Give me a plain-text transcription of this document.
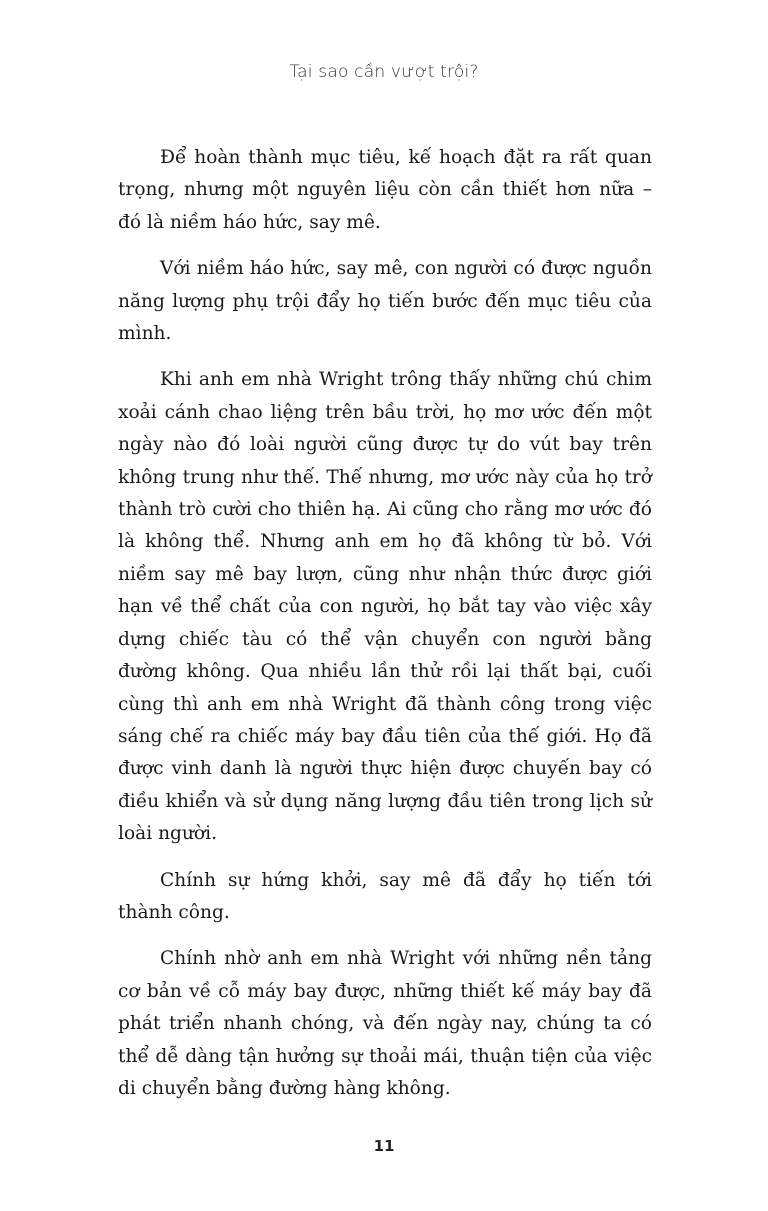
Tại sao cần vượt trội?

Để hoàn thành mục tiêu, kế hoạch đặt ra rất quan trọng, nhưng một nguyên liệu còn cần thiết hơn nữa – đó là niềm háo hức, say mê.

Với niềm háo hức, say mê, con người có được nguồn năng lượng phụ trội đẩy họ tiến bước đến mục tiêu của mình.

Khi anh em nhà Wright trông thấy những chú chim xoải cánh chao liệng trên bầu trời, họ mơ ước đến một ngày nào đó loài người cũng được tự do vút bay trên không trung như thế. Thế nhưng, mơ ước này của họ trở thành trò cười cho thiên hạ. Ai cũng cho rằng mơ ước đó là không thể. Nhưng anh em họ đã không từ bỏ. Với niềm say mê bay lượn, cũng như nhận thức được giới hạn về thể chất của con người, họ bắt tay vào việc xây dựng chiếc tàu có thể vận chuyển con người bằng đường không. Qua nhiều lần thử rồi lại thất bại, cuối cùng thì anh em nhà Wright đã thành công trong việc sáng chế ra chiếc máy bay đầu tiên của thế giới. Họ đã được vinh danh là người thực hiện được chuyến bay có điều khiển và sử dụng năng lượng đầu tiên trong lịch sử loài người.

Chính sự hứng khởi, say mê đã đẩy họ tiến tới thành công.

Chính nhờ anh em nhà Wright với những nền tảng cơ bản về cỗ máy bay được, những thiết kế máy bay đã phát triển nhanh chóng, và đến ngày nay, chúng ta có thể dễ dàng tận hưởng sự thoải mái, thuận tiện của việc di chuyển bằng đường hàng không.

11
